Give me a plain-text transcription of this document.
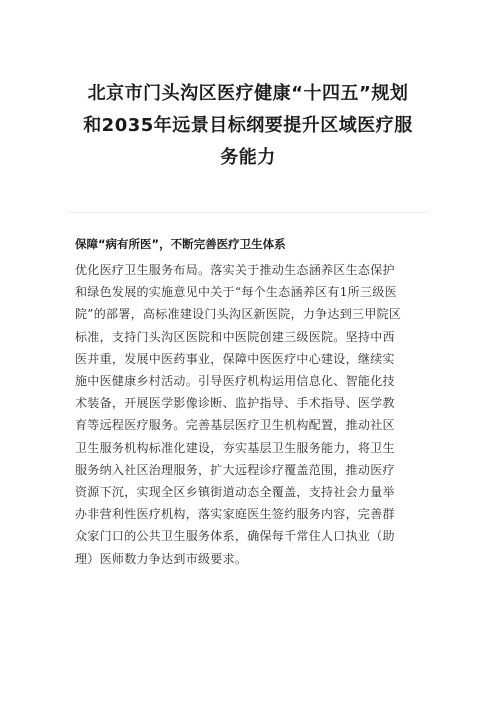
北京市门头沟区医疗健康“十四五”规划
和2035年远景目标纲要提升区域医疗服
务能力
保障“病有所医”，不断完善医疗卫生体系
优化医疗卫生服务布局。落实关于推动生态涵养区生态保护
和绿色发展的实施意见中关于“每个生态涵养区有1所三级医
院”的部署，高标准建设门头沟区新医院，力争达到三甲院区
标准，支持门头沟区医院和中医院创建三级医院。坚持中西
医并重，发展中医药事业，保障中医医疗中心建设，继续实
施中医健康乡村活动。引导医疗机构运用信息化、智能化技
术装备，开展医学影像诊断、监护指导、手术指导、医学教
育等远程医疗服务。完善基层医疗卫生机构配置，推动社区
卫生服务机构标准化建设，夯实基层卫生服务能力，将卫生
服务纳入社区治理服务，扩大远程诊疗覆盖范围，推动医疗
资源下沉，实现全区乡镇街道动态全覆盖，支持社会力量举
办非营利性医疗机构，落实家庭医生签约服务内容，完善群
众家门口的公共卫生服务体系，确保每千常住人口执业（助
理）医师数力争达到市级要求。
